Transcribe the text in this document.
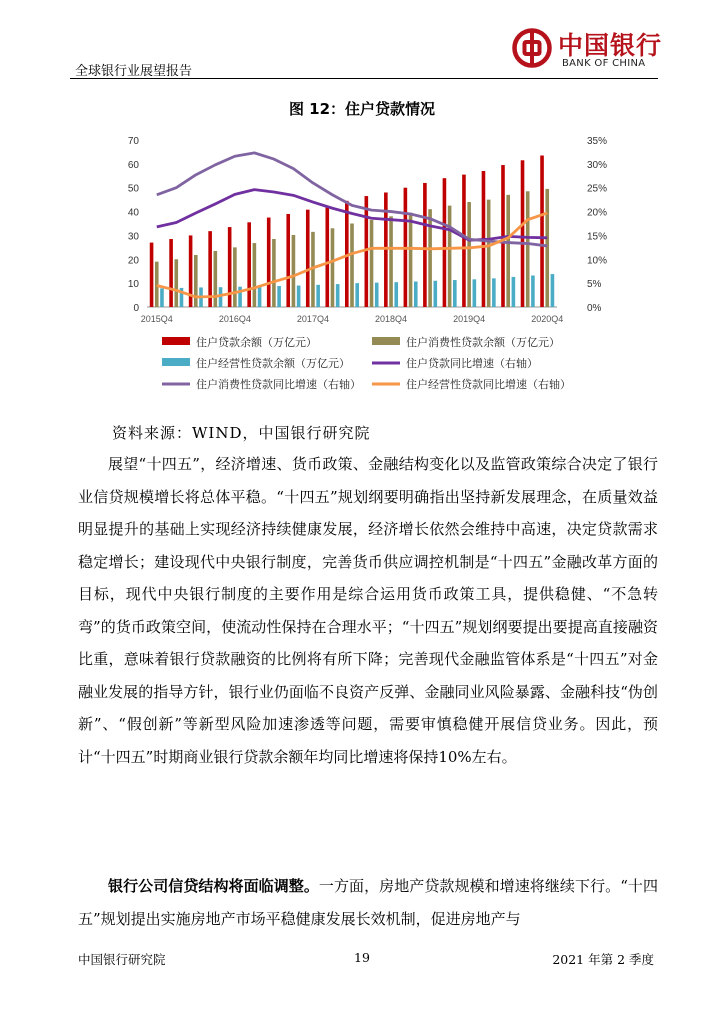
全球银行业展望报告
中国银行
BANK OF CHINA
图 12：住户贷款情况
0
10
20
30
40
50
60
70
0%
5%
10%
15%
20%
25%
30%
35%
2015Q4	2016Q4	2017Q4	2018Q4	2019Q4	2020Q4
住户贷款余额（万亿元）	住户消费性贷款余额（万亿元）
住户经营性贷款余额（万亿元）	住户贷款同比增速（右轴）
住户消费性贷款同比增速（右轴）	住户经营性贷款同比增速（右轴）
资料来源：WIND，中国银行研究院

展望“十四五”，经济增速、货币政策、金融结构变化以及监管政策综合决定了银行业信贷规模增长将总体平稳。“十四五”规划纲要明确指出坚持新发展理念，在质量效益明显提升的基础上实现经济持续健康发展，经济增长依然会维持中高速，决定贷款需求稳定增长；建设现代中央银行制度，完善货币供应调控机制是“十四五”金融改革方面的目标，现代中央银行制度的主要作用是综合运用货币政策工具，提供稳健、“不急转弯”的货币政策空间，使流动性保持在合理水平；“十四五”规划纲要提出要提高直接融资比重，意味着银行贷款融资的比例将有所下降；完善现代金融监管体系是“十四五”对金融业发展的指导方针，银行业仍面临不良资产反弹、金融同业风险暴露、金融科技“伪创新”、“假创新”等新型风险加速渗透等问题，需要审慎稳健开展信贷业务。因此，预计“十四五”时期商业银行贷款余额年均同比增速将保持10%左右。

银行公司信贷结构将面临调整。一方面，房地产贷款规模和增速将继续下行。“十四五”规划提出实施房地产市场平稳健康发展长效机制，促进房地产与

中国银行研究院	19	2021 年第 2 季度
